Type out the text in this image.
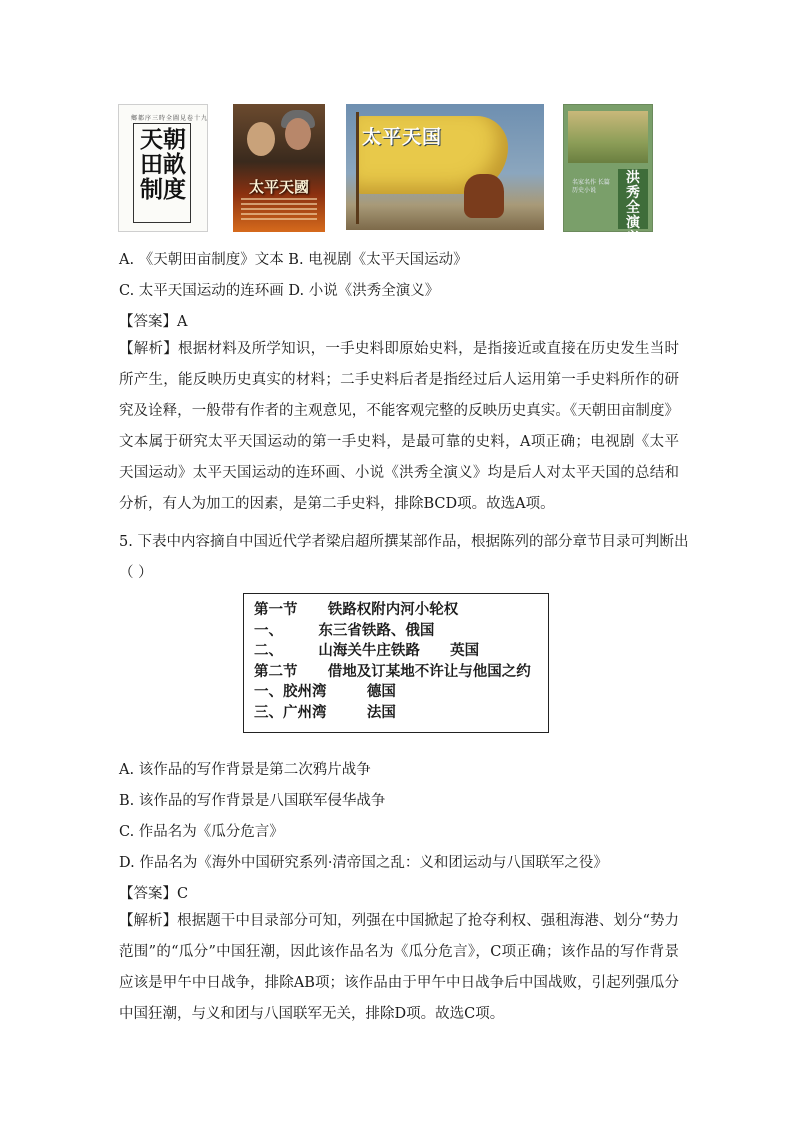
鄉都序三時全圖見卷十九
天朝田畝制度	太平天國
太平天国
名家名作 长篇历史小说
洪秀全演义
A. 《天朝田亩制度》文本 B. 电视剧《太平天国运动》
C. 太平天国运动的连环画 D. 小说《洪秀全演义》
【答案】A
【解析】根据材料及所学知识，一手史料即原始史料，是指接近或直接在历史发生当时所产生，能反映历史真实的材料；二手史料后者是指经过后人运用第一手史料所作的研究及诠释，一般带有作者的主观意见，不能客观完整的反映历史真实。《天朝田亩制度》文本属于研究太平天国运动的第一手史料，是最可靠的史料，A项正确；电视剧《太平天国运动》太平天国运动的连环画、小说《洪秀全演义》均是后人对太平天国的总结和分析，有人为加工的因素，是第二手史料，排除BCD项。故选A项。
5. 下表中内容摘自中国近代学者梁启超所撰某部作品，根据陈列的部分章节目录可判断出
（ ）
第一节      铁路权附内河小轮权
一、       东三省铁路、俄国
二、       山海关牛庄铁路      英国
第二节      借地及订某地不许让与他国之约
一、胶州湾        德国
三、广州湾        法国
A. 该作品的写作背景是第二次鸦片战争
B. 该作品的写作背景是八国联军侵华战争
C. 作品名为《瓜分危言》
D. 作品名为《海外中国研究系列·清帝国之乱：义和团运动与八国联军之役》
【答案】C
【解析】根据题干中目录部分可知，列强在中国掀起了抢夺利权、强租海港、划分“势力范围”的“瓜分”中国狂潮，因此该作品名为《瓜分危言》，C项正确；该作品的写作背景应该是甲午中日战争，排除AB项；该作品由于甲午中日战争后中国战败，引起列强瓜分中国狂潮，与义和团与八国联军无关，排除D项。故选C项。
